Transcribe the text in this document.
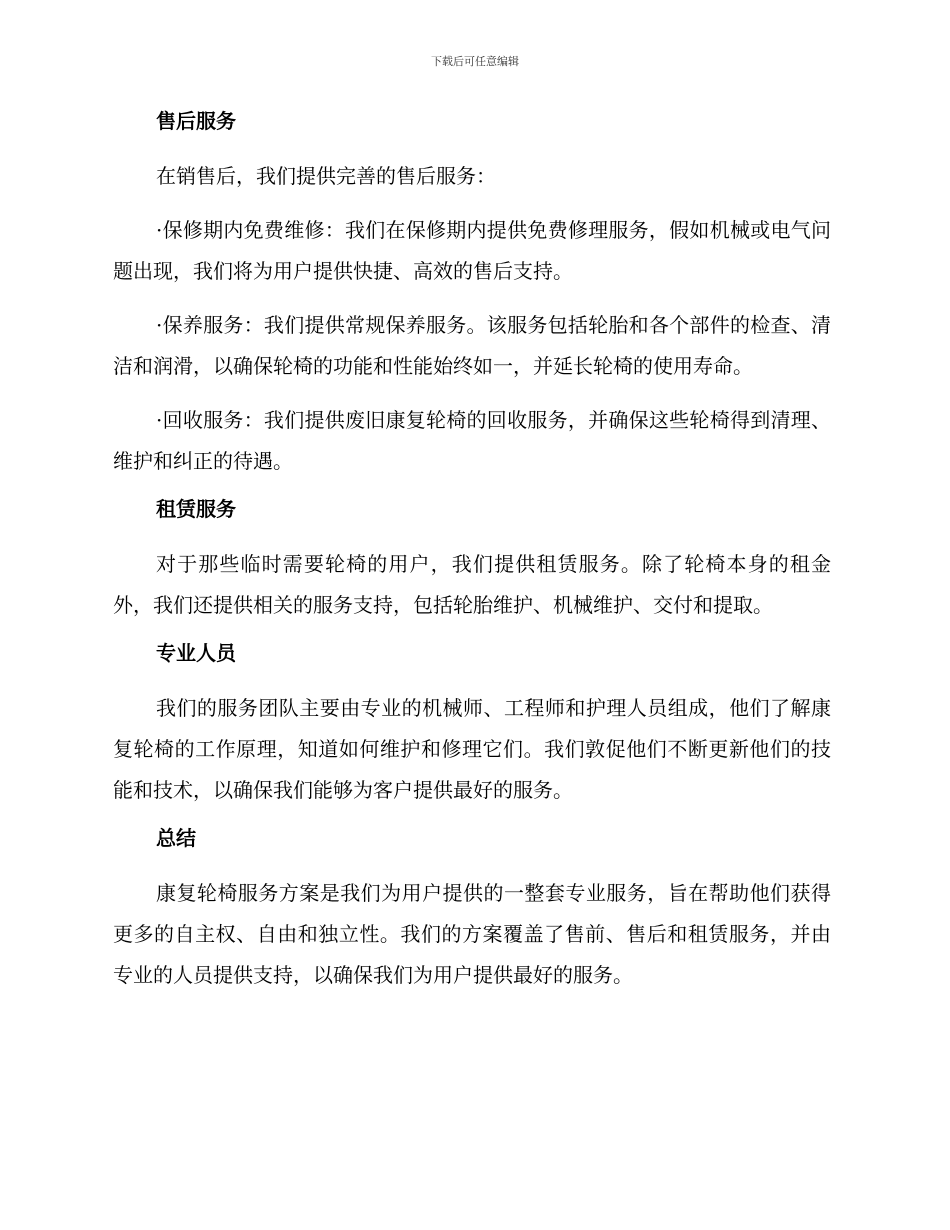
下载后可任意编辑
售后服务

在销售后，我们提供完善的售后服务：

·保修期内免费维修：我们在保修期内提供免费修理服务，假如机械或电气问题出现，我们将为用户提供快捷、高效的售后支持。

·保养服务：我们提供常规保养服务。该服务包括轮胎和各个部件的检查、清洁和润滑，以确保轮椅的功能和性能始终如一，并延长轮椅的使用寿命。

·回收服务：我们提供废旧康复轮椅的回收服务，并确保这些轮椅得到清理、维护和纠正的待遇。

租赁服务

对于那些临时需要轮椅的用户，我们提供租赁服务。除了轮椅本身的租金外，我们还提供相关的服务支持，包括轮胎维护、机械维护、交付和提取。

专业人员

我们的服务团队主要由专业的机械师、工程师和护理人员组成，他们了解康复轮椅的工作原理，知道如何维护和修理它们。我们敦促他们不断更新他们的技能和技术，以确保我们能够为客户提供最好的服务。

总结

康复轮椅服务方案是我们为用户提供的一整套专业服务，旨在帮助他们获得更多的自主权、自由和独立性。我们的方案覆盖了售前、售后和租赁服务，并由专业的人员提供支持，以确保我们为用户提供最好的服务。
